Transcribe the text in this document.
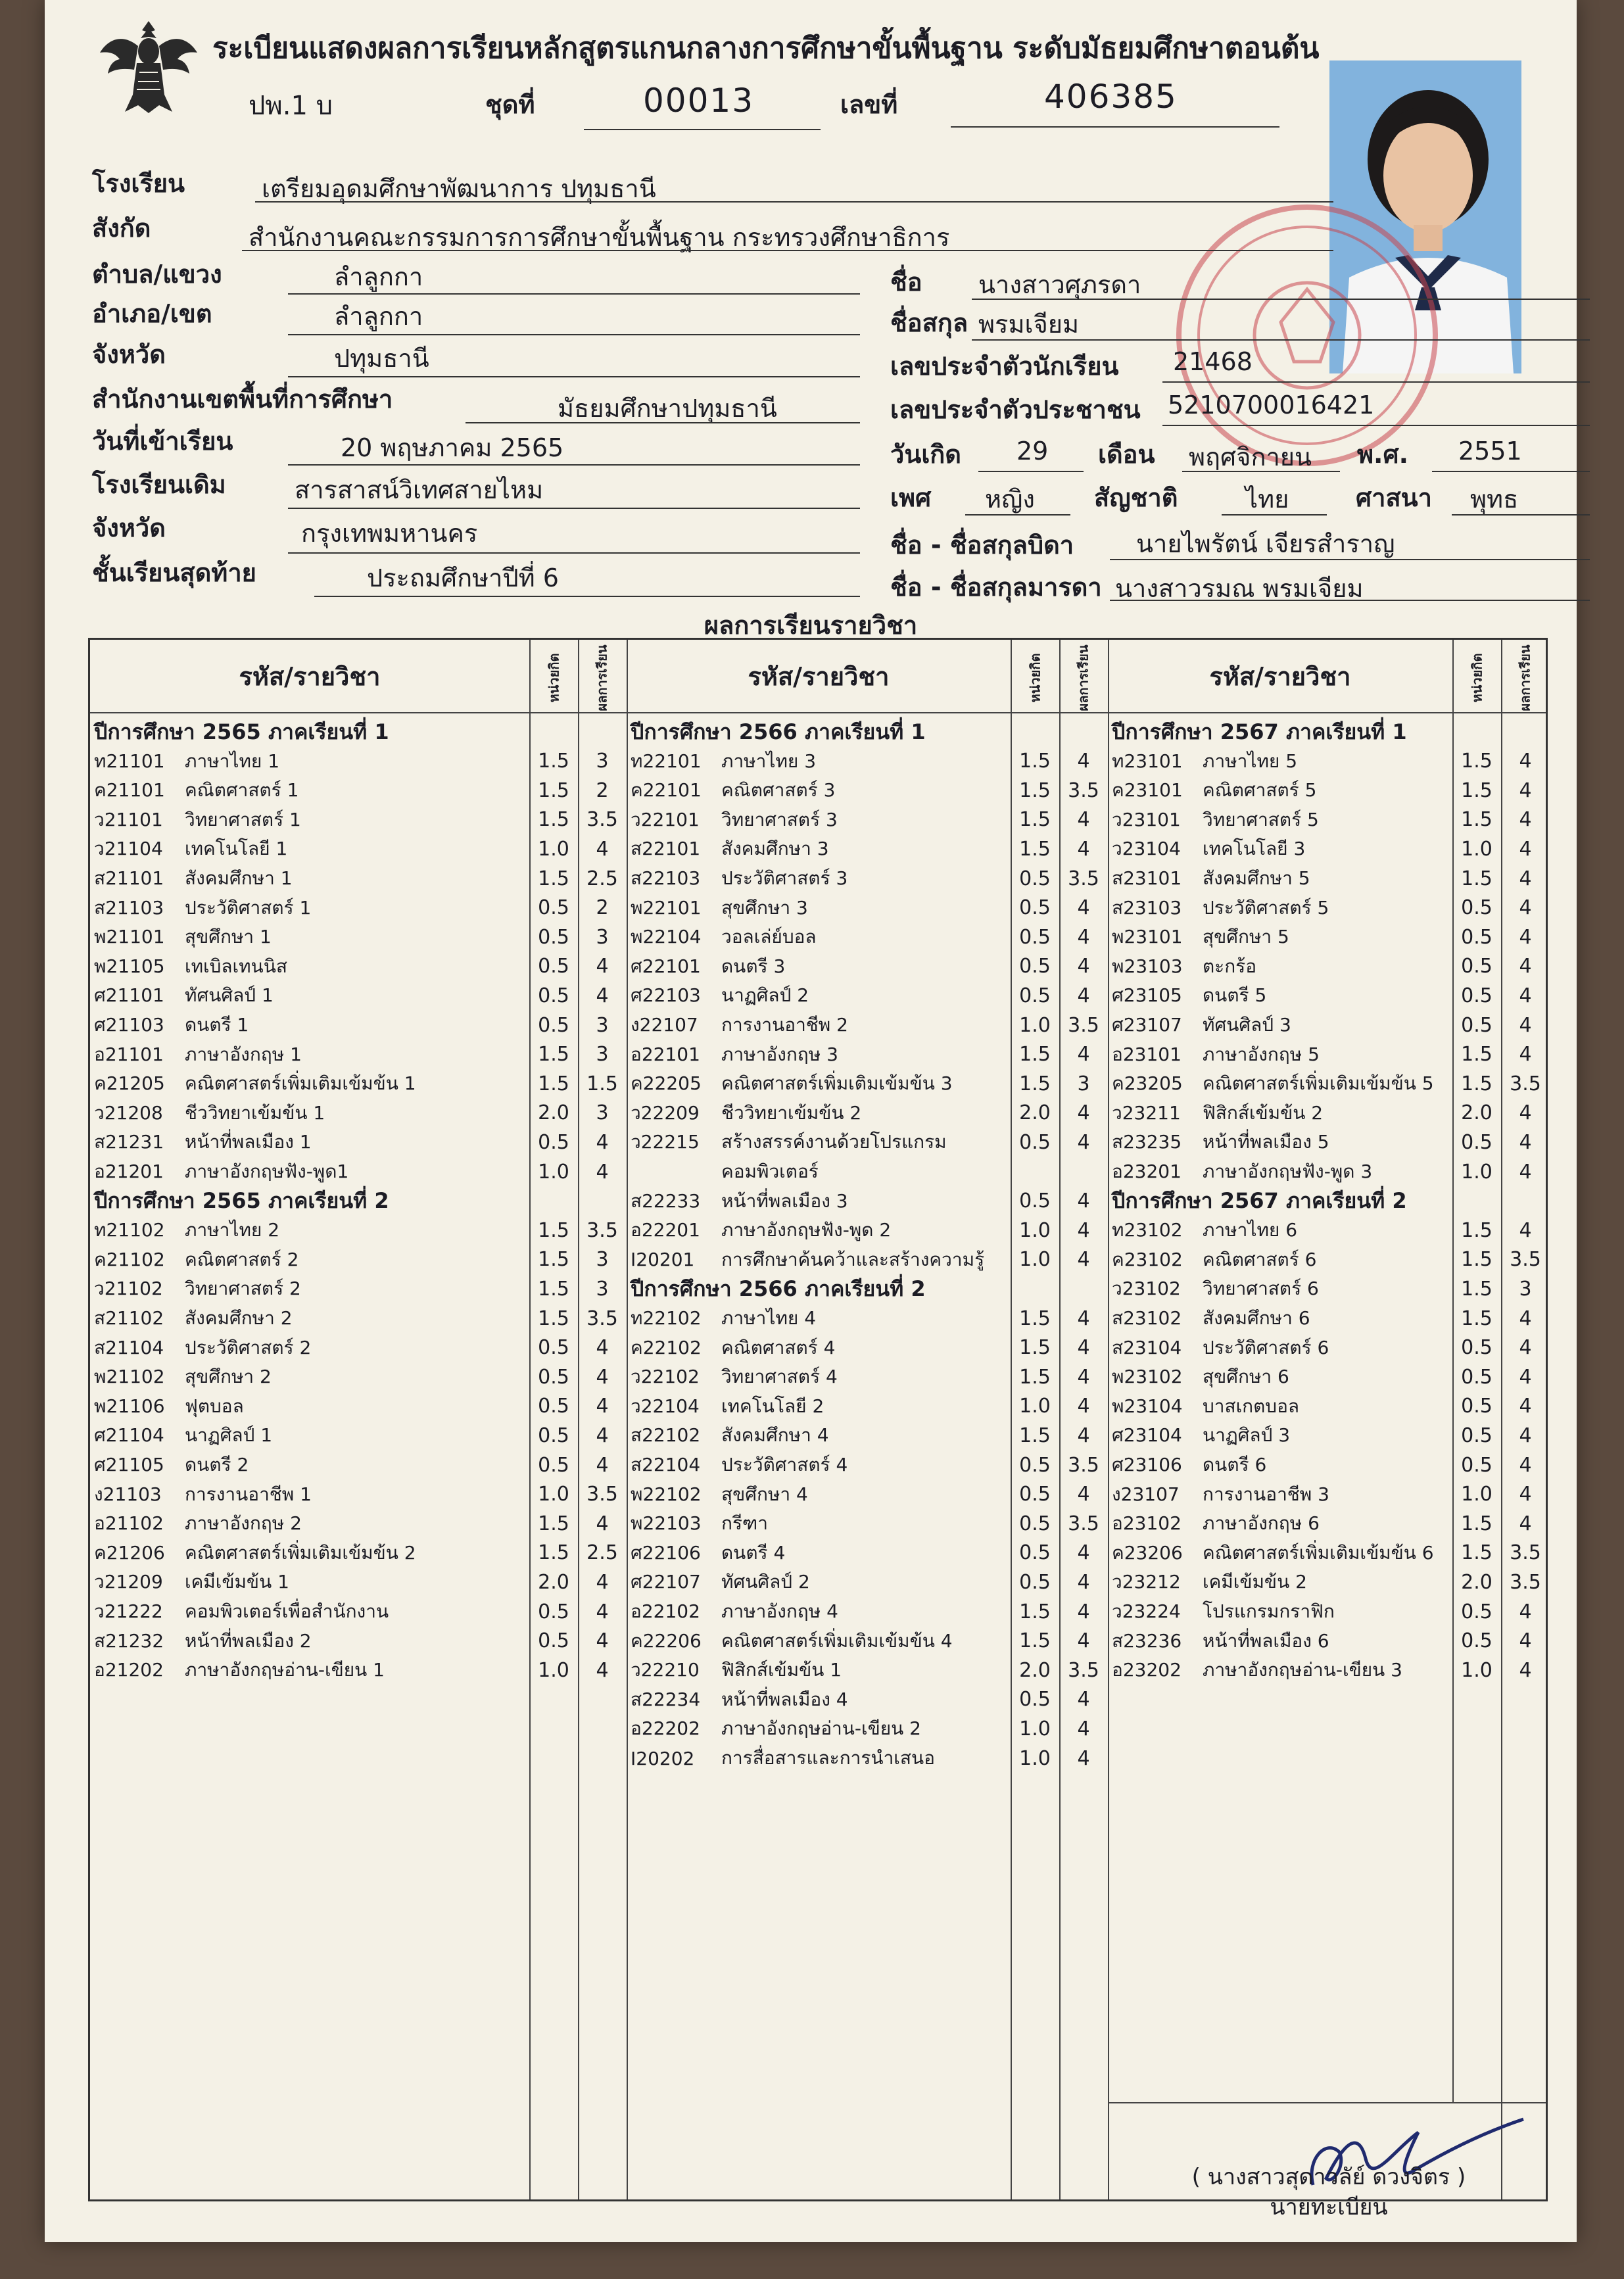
ระเบียนแสดงผลการเรียนหลักสูตรแกนกลางการศึกษาขั้นพื้นฐาน ระดับมัธยมศึกษาตอนต้น
ปพ.1 บ	ชุดที่	00013	เลขที่	406385
โรงเรียน	เตรียมอุดมศึกษาพัฒนาการ ปทุมธานี
สังกัด	สำนักงานคณะกรรมการการศึกษาขั้นพื้นฐาน กระทรวงศึกษาธิการ
ตำบล/แขวง	ลำลูกกา
อำเภอ/เขต	ลำลูกกา
จังหวัด	ปทุมธานี
สำนักงานเขตพื้นที่การศึกษา	มัธยมศึกษาปทุมธานี
วันที่เข้าเรียน	20 พฤษภาคม 2565
โรงเรียนเดิม	สารสาสน์วิเทศสายไหม
จังหวัด	กรุงเทพมหานคร
ชั้นเรียนสุดท้าย	ประถมศึกษาปีที่ 6
ชื่อ นางสาวศุภรดา
ชื่อสกุล พรมเจียม
เลขประจำตัวนักเรียน 21468
เลขประจำตัวประชาชน 5210700016421
วันเกิด 29 เดือน พฤศจิกายน พ.ศ. 2551
เพศ หญิง สัญชาติ	ไทย	ศาสนา พุทธ
ชื่อ - ชื่อสกุลบิดา นายไพรัตน์ เจียรสำราญ
ชื่อ - ชื่อสกุลมารดา นางสาวรมณ พรมเจียม
ผลการเรียนรายวิชา
รหัส/รายวิชา	หน่วยกิต	ผลการเรียน	รหัส/รายวิชา	หน่วยกิต	ผลการเรียน	รหัส/รายวิชา	หน่วยกิต	ผลการเรียน
ปีการศึกษา 2565 ภาคเรียนที่ 1
ท21101	ภาษาไทย 1	1.5	3
ค21101	คณิตศาสตร์ 1	1.5	2
ว21101	วิทยาศาสตร์ 1	1.5 3.5
ว21104	เทคโนโลยี 1	1.0	4
ส21101	สังคมศึกษา 1	1.5 2.5
ส21103	ประวัติศาสตร์ 1	0.5	2
พ21101	สุขศึกษา 1	0.5	3
พ21105	เทเบิลเทนนิส	0.5	4
ศ21101	ทัศนศิลป์ 1	0.5	4
ศ21103	ดนตรี 1	0.5	3
อ21101	ภาษาอังกฤษ 1	1.5	3
ค21205	คณิตศาสตร์เพิ่มเติมเข้มข้น 1	1.5 1.5
ว21208	ชีววิทยาเข้มข้น 1	2.0	3
ส21231	หน้าที่พลเมือง 1	0.5	4
อ21201	ภาษาอังกฤษฟัง-พูด1	1.0	4
ปีการศึกษา 2565 ภาคเรียนที่ 2
ท21102	ภาษาไทย 2	1.5 3.5
ค21102	คณิตศาสตร์ 2	1.5	3
ว21102	วิทยาศาสตร์ 2	1.5	3
ส21102	สังคมศึกษา 2	1.5 3.5
ส21104	ประวัติศาสตร์ 2	0.5	4
พ21102	สุขศึกษา 2	0.5	4
พ21106	ฟุตบอล	0.5	4
ศ21104	นาฏศิลป์ 1	0.5	4
ศ21105	ดนตรี 2	0.5	4
ง21103	การงานอาชีพ 1	1.0 3.5
อ21102	ภาษาอังกฤษ 2	1.5	4
ค21206	คณิตศาสตร์เพิ่มเติมเข้มข้น 2	1.5 2.5
ว21209	เคมีเข้มข้น 1	2.0	4
ว21222	คอมพิวเตอร์เพื่อสำนักงาน	0.5	4
ส21232	หน้าที่พลเมือง 2	0.5	4
อ21202	ภาษาอังกฤษอ่าน-เขียน 1	1.0	4
ปีการศึกษา 2566 ภาคเรียนที่ 1
ท22101	ภาษาไทย 3	1.5	4
ค22101	คณิตศาสตร์ 3	1.5 3.5
ว22101	วิทยาศาสตร์ 3	1.5	4
ส22101	สังคมศึกษา 3	1.5	4
ส22103	ประวัติศาสตร์ 3	0.5 3.5
พ22101	สุขศึกษา 3	0.5	4
พ22104	วอลเล่ย์บอล	0.5	4
ศ22101	ดนตรี 3	0.5	4
ศ22103	นาฏศิลป์ 2	0.5	4
ง22107	การงานอาชีพ 2	1.0 3.5
อ22101	ภาษาอังกฤษ 3	1.5	4
ค22205	คณิตศาสตร์เพิ่มเติมเข้มข้น 3	1.5	3
ว22209	ชีววิทยาเข้มข้น 2	2.0	4
ว22215	สร้างสรรค์งานด้วยโปรแกรม	0.5	4
คอมพิวเตอร์
ส22233	หน้าที่พลเมือง 3	0.5	4
อ22201	ภาษาอังกฤษฟัง-พูด 2	1.0	4
I20201	การศึกษาค้นคว้าและสร้างความรู้	1.0	4
ปีการศึกษา 2566 ภาคเรียนที่ 2
ท22102	ภาษาไทย 4	1.5	4
ค22102	คณิตศาสตร์ 4	1.5	4
ว22102	วิทยาศาสตร์ 4	1.5	4
ว22104	เทคโนโลยี 2	1.0	4
ส22102	สังคมศึกษา 4	1.5	4
ส22104	ประวัติศาสตร์ 4	0.5 3.5
พ22102	สุขศึกษา 4	0.5	4
พ22103	กรีฑา	0.5 3.5
ศ22106	ดนตรี 4	0.5	4
ศ22107	ทัศนศิลป์ 2	0.5	4
อ22102	ภาษาอังกฤษ 4	1.5	4
ค22206	คณิตศาสตร์เพิ่มเติมเข้มข้น 4	1.5	4
ว22210	ฟิสิกส์เข้มข้น 1	2.0 3.5
ส22234	หน้าที่พลเมือง 4	0.5	4
อ22202	ภาษาอังกฤษอ่าน-เขียน 2	1.0	4
I20202	การสื่อสารและการนำเสนอ	1.0	4
ปีการศึกษา 2567 ภาคเรียนที่ 1
ท23101	ภาษาไทย 5	1.5	4
ค23101	คณิตศาสตร์ 5	1.5	4
ว23101	วิทยาศาสตร์ 5	1.5	4
ว23104	เทคโนโลยี 3	1.0	4
ส23101	สังคมศึกษา 5	1.5	4
ส23103	ประวัติศาสตร์ 5	0.5	4
พ23101	สุขศึกษา 5	0.5	4
พ23103	ตะกร้อ	0.5	4
ศ23105	ดนตรี 5	0.5	4
ศ23107	ทัศนศิลป์ 3	0.5	4
อ23101	ภาษาอังกฤษ 5	1.5	4
ค23205	คณิตศาสตร์เพิ่มเติมเข้มข้น 5	1.5 3.5
ว23211	ฟิสิกส์เข้มข้น 2	2.0	4
ส23235	หน้าที่พลเมือง 5	0.5	4
อ23201	ภาษาอังกฤษฟัง-พูด 3	1.0	4
ปีการศึกษา 2567 ภาคเรียนที่ 2
ท23102	ภาษาไทย 6	1.5	4
ค23102	คณิตศาสตร์ 6	1.5 3.5
ว23102	วิทยาศาสตร์ 6	1.5	3
ส23102	สังคมศึกษา 6	1.5	4
ส23104	ประวัติศาสตร์ 6	0.5	4
พ23102	สุขศึกษา 6	0.5	4
พ23104	บาสเกตบอล	0.5	4
ศ23104	นาฏศิลป์ 3	0.5	4
ศ23106	ดนตรี 6	0.5	4
ง23107	การงานอาชีพ 3	1.0	4
อ23102	ภาษาอังกฤษ 6	1.5	4
ค23206	คณิตศาสตร์เพิ่มเติมเข้มข้น 6	1.5 3.5
ว23212	เคมีเข้มข้น 2	2.0 3.5
ว23224	โปรแกรมกราฟิก	0.5	4
ส23236	หน้าที่พลเมือง 6	0.5	4
อ23202	ภาษาอังกฤษอ่าน-เขียน 3	1.0	4
( นางสาวสุดาวลัย์ ดวงจิตร )
นายทะเบียน
